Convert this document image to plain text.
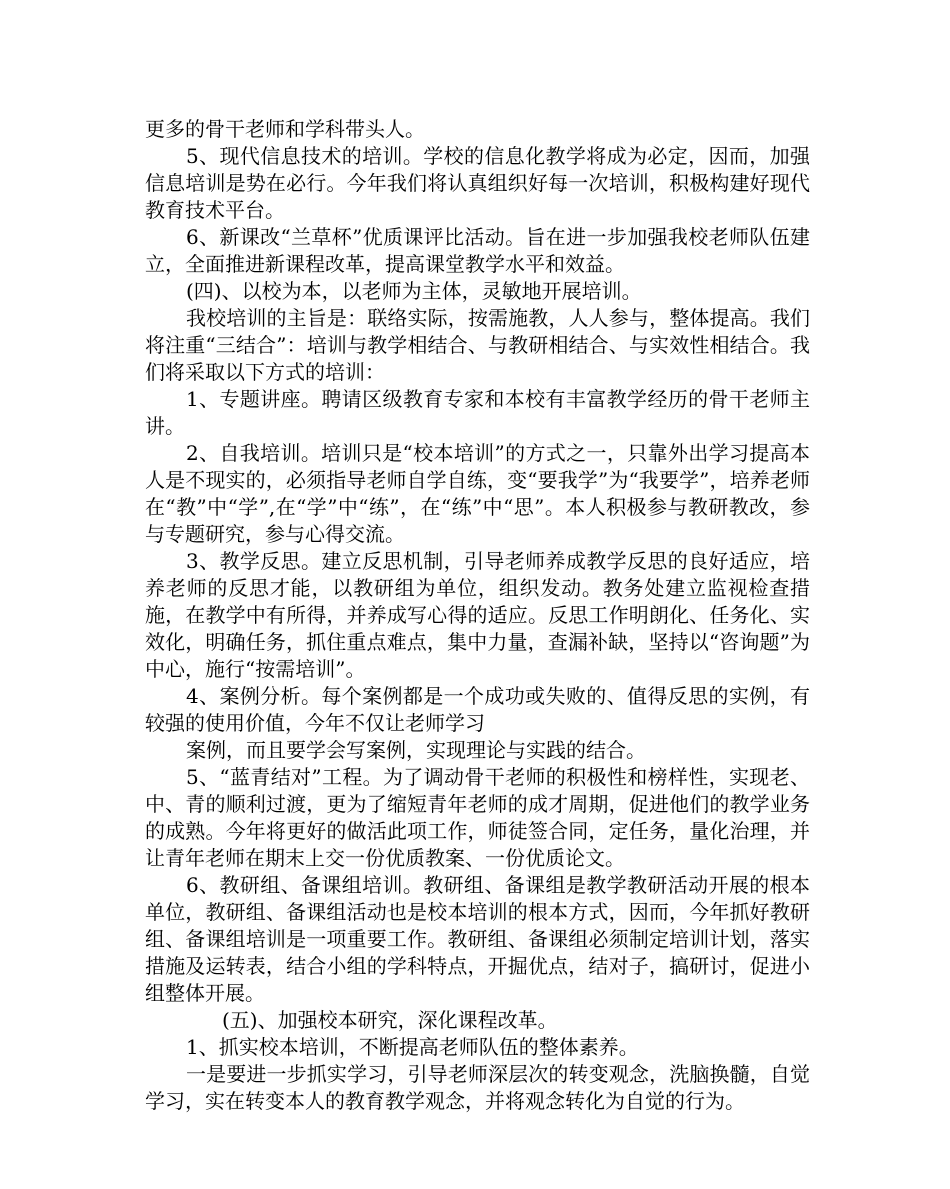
更多的骨干老师和学科带头人。

5、现代信息技术的培训。学校的信息化教学将成为必定，因而，加强信息培训是势在必行。今年我们将认真组织好每一次培训，积极构建好现代教育技术平台。

6、新课改“兰草杯”优质课评比活动。旨在进一步加强我校老师队伍建立，全面推进新课程改革，提高课堂教学水平和效益。

(四)、以校为本，以老师为主体，灵敏地开展培训。

我校培训的主旨是：联络实际，按需施教，人人参与，整体提高。我们将注重“三结合”：培训与教学相结合、与教研相结合、与实效性相结合。我们将采取以下方式的培训：

1、专题讲座。聘请区级教育专家和本校有丰富教学经历的骨干老师主讲。

2、自我培训。培训只是“校本培训”的方式之一，只靠外出学习提高本人是不现实的，必须指导老师自学自练，变“要我学”为“我要学”，培养老师在“教”中“学”,在“学”中“练”，在“练”中“思”。本人积极参与教研教改，参与专题研究，参与心得交流。

3、教学反思。建立反思机制，引导老师养成教学反思的良好适应，培养老师的反思才能，以教研组为单位，组织发动。教务处建立监视检查措施，在教学中有所得，并养成写心得的适应。反思工作明朗化、任务化、实效化，明确任务，抓住重点难点，集中力量，查漏补缺，坚持以“咨询题”为中心，施行“按需培训”。

4、案例分析。每个案例都是一个成功或失败的、值得反思的实例，有较强的使用价值，今年不仅让老师学习

案例，而且要学会写案例，实现理论与实践的结合。

5、“蓝青结对”工程。为了调动骨干老师的积极性和榜样性，实现老、中、青的顺利过渡，更为了缩短青年老师的成才周期，促进他们的教学业务的成熟。今年将更好的做活此项工作，师徒签合同，定任务，量化治理，并让青年老师在期末上交一份优质教案、一份优质论文。

6、教研组、备课组培训。教研组、备课组是教学教研活动开展的根本单位，教研组、备课组活动也是校本培训的根本方式，因而，今年抓好教研组、备课组培训是一项重要工作。教研组、备课组必须制定培训计划，落实措施及运转表，结合小组的学科特点，开掘优点，结对子，搞研讨，促进小组整体开展。

(五)、加强校本研究，深化课程改革。

1、抓实校本培训，不断提高老师队伍的整体素养。

一是要进一步抓实学习，引导老师深层次的转变观念，洗脑换髓，自觉学习，实在转变本人的教育教学观念，并将观念转化为自觉的行为。
